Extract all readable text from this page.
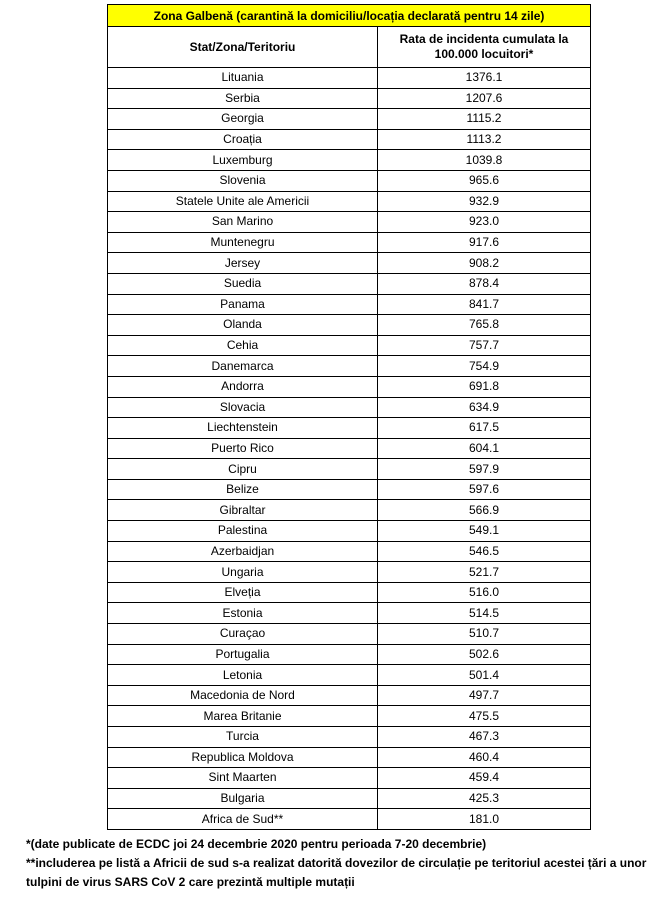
Zona Galbenă (carantină la domiciliu/locația declarată pentru 14 zile)	
Stat/Zona/Teritoriu	Rata de incidenta cumulata la
100.000 locuitori*

Lituania	1376.1
Serbia	1207.6
Georgia	1115.2
Croația	1113.2
Luxemburg	1039.8
Slovenia	965.6
Statele Unite ale Americii	932.9
San Marino	923.0
Muntenegru	917.6
Jersey	908.2
Suedia	878.4
Panama	841.7
Olanda	765.8
Cehia	757.7
Danemarca	754.9
Andorra	691.8
Slovacia	634.9
Liechtenstein	617.5
Puerto Rico	604.1
Cipru	597.9
Belize	597.6
Gibraltar	566.9
Palestina	549.1
Azerbaidjan	546.5
Ungaria	521.7
Elveția	516.0
Estonia	514.5
Curaçao	510.7
Portugalia	502.6
Letonia	501.4
Macedonia de Nord	497.7
Marea Britanie	475.5
Turcia	467.3
Republica Moldova	460.4
Sint Maarten	459.4
Bulgaria	425.3
Africa de Sud**	181.0
*(date publicate de ECDC joi 24 decembrie 2020 pentru perioada 7-20 decembrie)
**includerea pe listă a Africii de sud s-a realizat datorită dovezilor de circulație pe teritoriul acestei țări a unor tulpini de virus SARS CoV 2 care prezintă multiple mutații
